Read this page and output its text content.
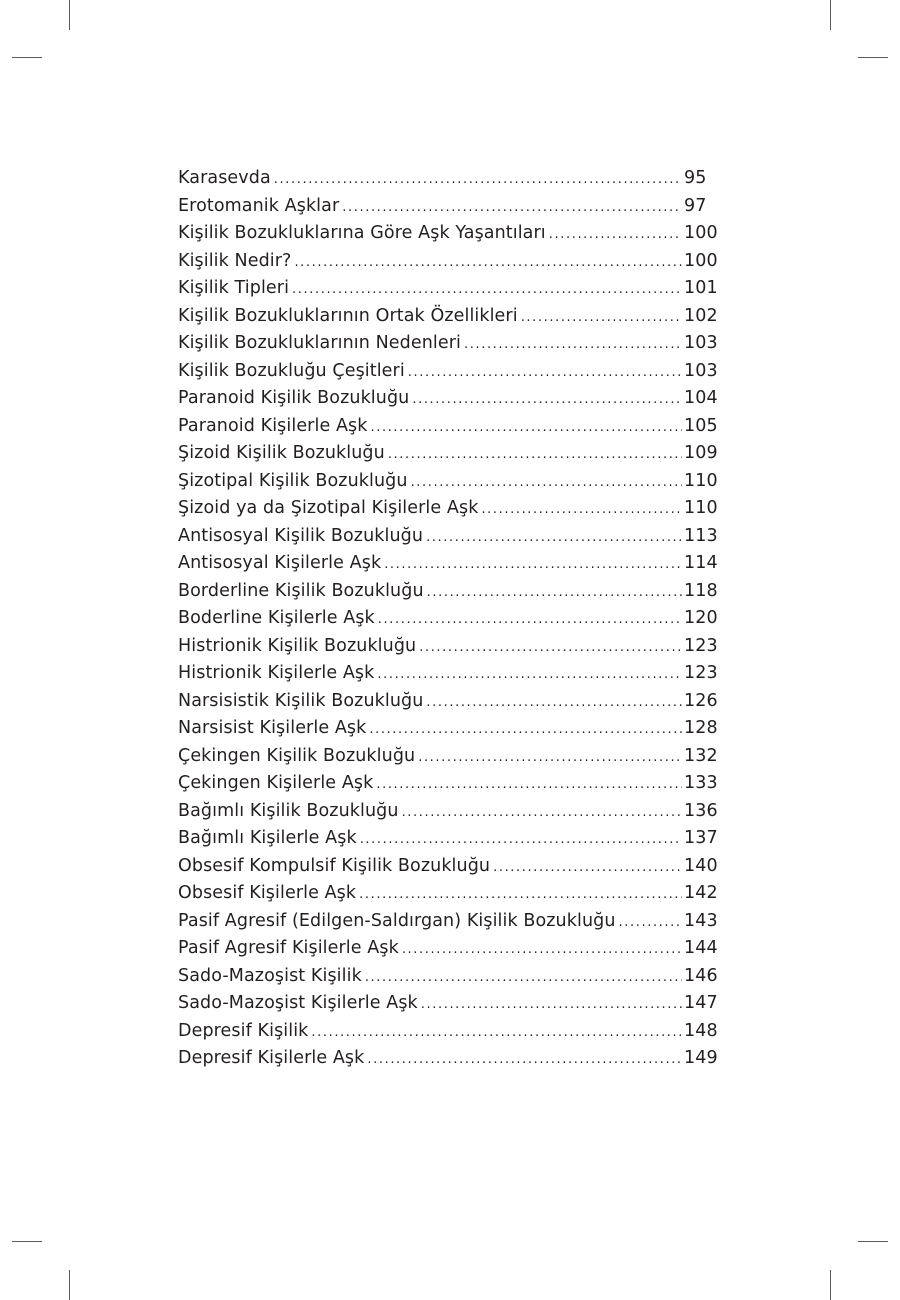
Karasevda .....	95
Erotomanik Aşklar .....	97
Kişilik Bozukluklarına Göre Aşk Yaşantıları .....	100
Kişilik Nedir? .....	100
Kişilik Tipleri .....	101
Kişilik Bozukluklarının Ortak Özellikleri .....	102
Kişilik Bozukluklarının Nedenleri .....	103
Kişilik Bozukluğu Çeşitleri .....	103
Paranoid Kişilik Bozukluğu .....	104
Paranoid Kişilerle Aşk .....	105
Şizoid Kişilik Bozukluğu .....	109
Şizotipal Kişilik Bozukluğu .....	110
Şizoid ya da Şizotipal Kişilerle Aşk .....	110
Antisosyal Kişilik Bozukluğu .....	113
Antisosyal Kişilerle Aşk .....	114
Borderline Kişilik Bozukluğu .....	118
Boderline Kişilerle Aşk .....	120
Histrionik Kişilik Bozukluğu .....	123
Histrionik Kişilerle Aşk .....	123
Narsisistik Kişilik Bozukluğu .....	126
Narsisist Kişilerle Aşk .....	128
Çekingen Kişilik Bozukluğu .....	132
Çekingen Kişilerle Aşk .....	133
Bağımlı Kişilik Bozukluğu .....	136
Bağımlı Kişilerle Aşk .....	137
Obsesif Kompulsif Kişilik Bozukluğu .....	140
Obsesif Kişilerle Aşk .....	142
Pasif Agresif (Edilgen-Saldırgan) Kişilik Bozukluğu .....	143
Pasif Agresif Kişilerle Aşk .....	144
Sado-Mazoşist Kişilik .....	146
Sado-Mazoşist Kişilerle Aşk .....	147
Depresif Kişilik .....	148
Depresif Kişilerle Aşk .....	149
